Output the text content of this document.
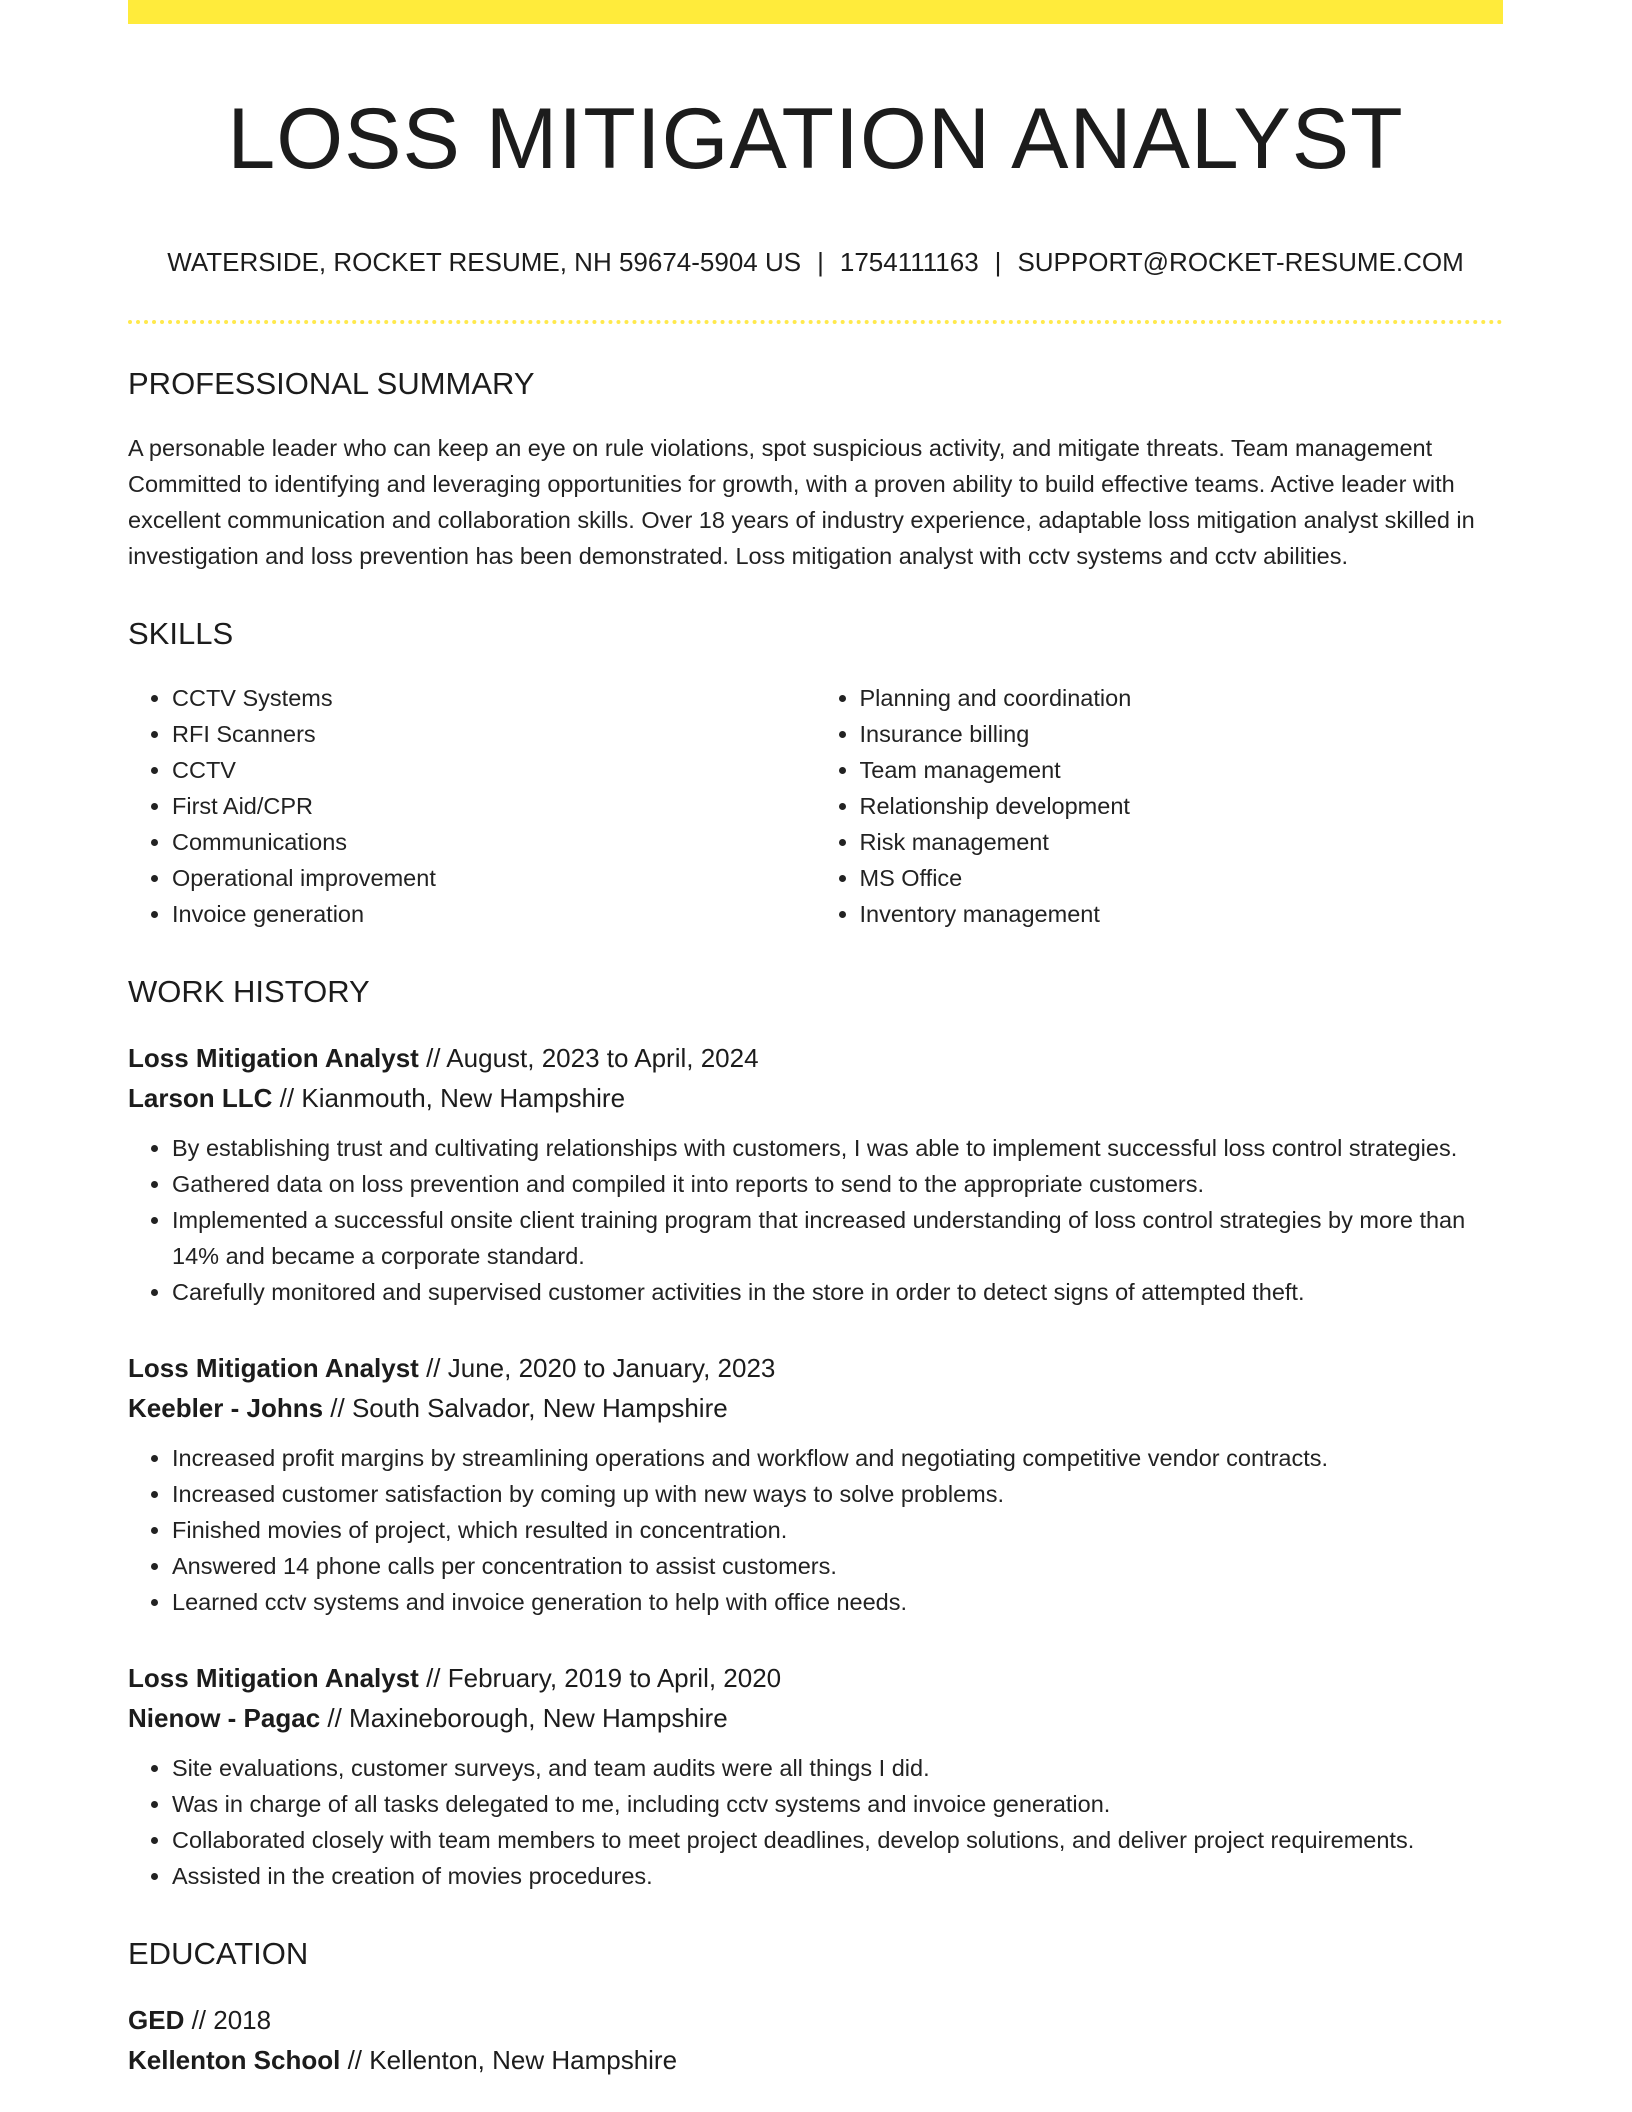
LOSS MITIGATION ANALYST
WATERSIDE, ROCKET RESUME, NH 59674-5904 US | 1754111163 | SUPPORT@ROCKET-RESUME.COM
PROFESSIONAL SUMMARY

A personable leader who can keep an eye on rule violations, spot suspicious activity, and mitigate threats. Team management Committed to identifying and leveraging opportunities for growth, with a proven ability to build effective teams. Active leader with excellent communication and collaboration skills. Over 18 years of industry experience, adaptable loss mitigation analyst skilled in investigation and loss prevention has been demonstrated. Loss mitigation analyst with cctv systems and cctv abilities.

SKILLS
• CCTV Systems
• RFI Scanners
• CCTV
• First Aid/CPR
• Communications
• Operational improvement
• Invoice generation
• Planning and coordination
• Insurance billing
• Team management
• Relationship development
• Risk management
• MS Office
• Inventory management
WORK HISTORY
Loss Mitigation Analyst // August, 2023 to April, 2024
Larson LLC // Kianmouth, New Hampshire
• By establishing trust and cultivating relationships with customers, I was able to implement successful loss control strategies.
• Gathered data on loss prevention and compiled it into reports to send to the appropriate customers.
• Implemented a successful onsite client training program that increased understanding of loss control strategies by more than 14% and became a corporate standard.
• Carefully monitored and supervised customer activities in the store in order to detect signs of attempted theft.
Loss Mitigation Analyst // June, 2020 to January, 2023
Keebler - Johns // South Salvador, New Hampshire
• Increased profit margins by streamlining operations and workflow and negotiating competitive vendor contracts.
• Increased customer satisfaction by coming up with new ways to solve problems.
• Finished movies of project, which resulted in concentration.
• Answered 14 phone calls per concentration to assist customers.
• Learned cctv systems and invoice generation to help with office needs.
Loss Mitigation Analyst // February, 2019 to April, 2020
Nienow - Pagac // Maxineborough, New Hampshire
• Site evaluations, customer surveys, and team audits were all things I did.
• Was in charge of all tasks delegated to me, including cctv systems and invoice generation.
• Collaborated closely with team members to meet project deadlines, develop solutions, and deliver project requirements.
• Assisted in the creation of movies procedures.
EDUCATION
GED // 2018
Kellenton School // Kellenton, New Hampshire
